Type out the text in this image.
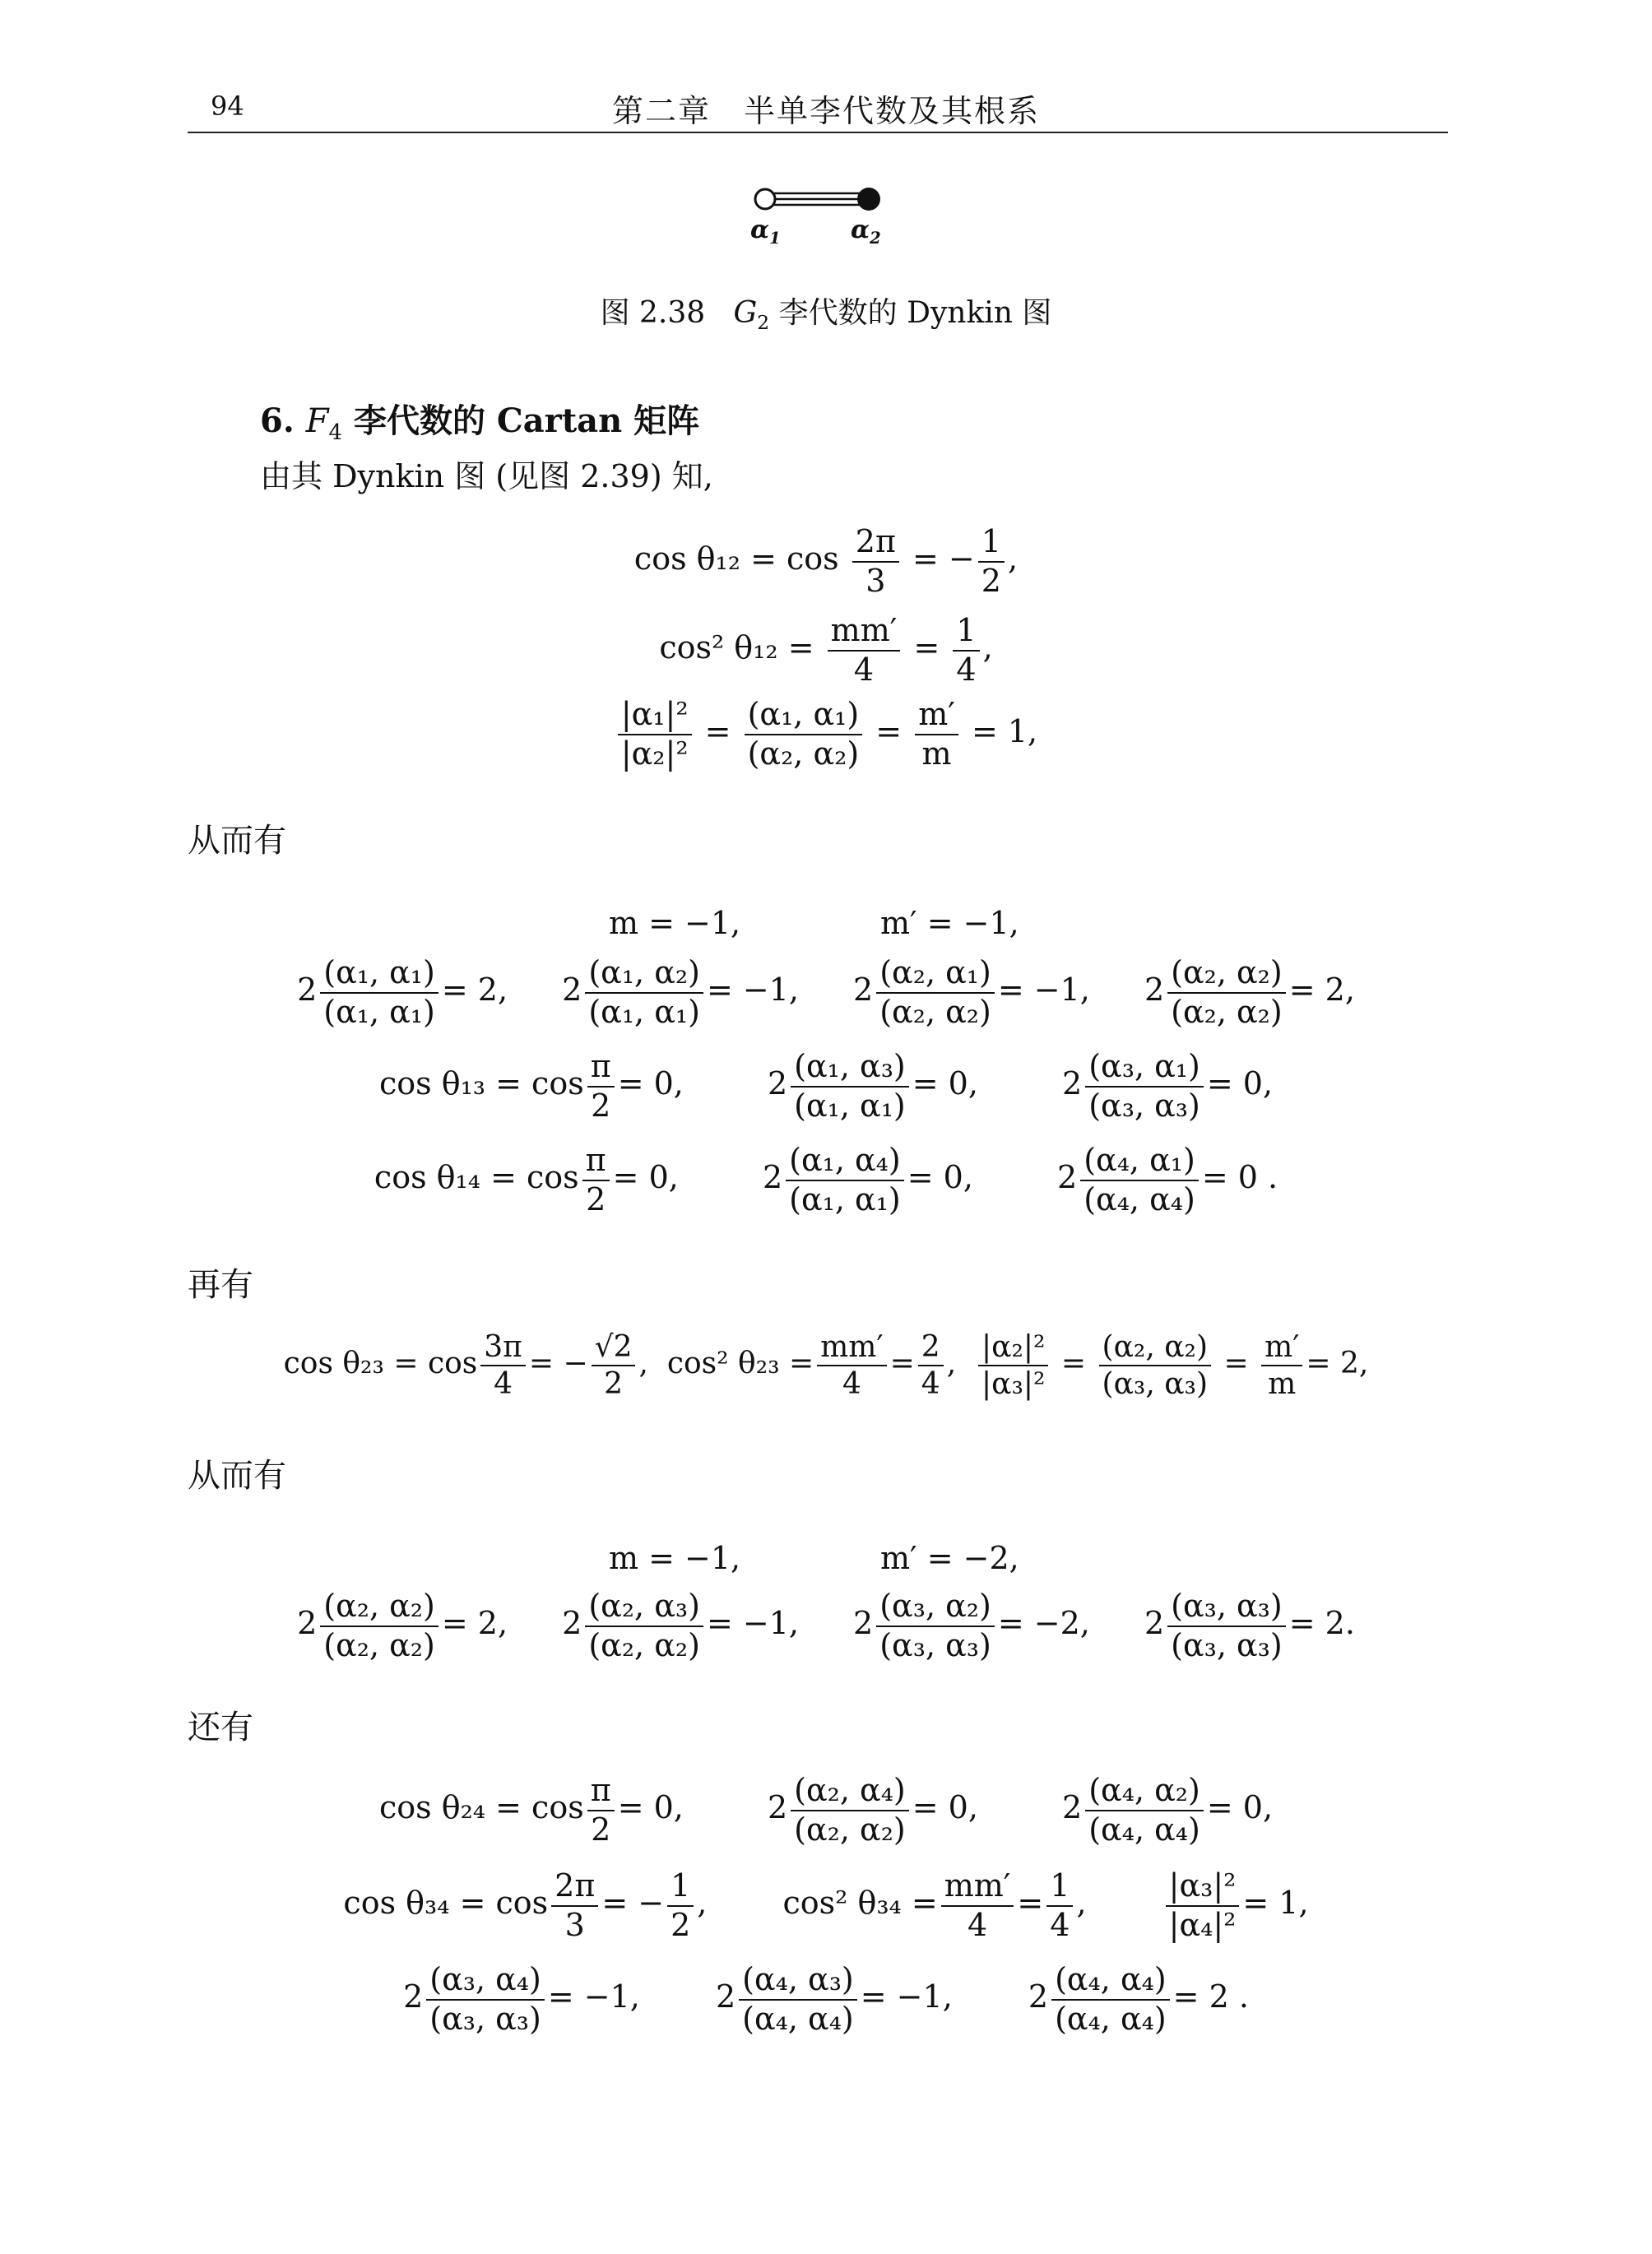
94	第二章　半单李代数及其根系
$\alpha_1$	$\alpha_2$
图 2.38 $G_2$ 李代数的 Dynkin 图
6. $F_4$ 李代数的 Cartan 矩阵
由其 Dynkin 图 (见图 2.39) 知,
$\cos \theta_{12} = \cos \frac{2\pi}{3}$ = − $\frac{1}{2}$ ,
cos² $\theta_{12} = \frac{mm'}{4} = \frac{1}{4}$ ,
$\frac{\text{|α₁|²}}{\text{|α₂|²}} = \frac{\text{(α₁, α₁)}}{\text{(α₂, α₂)}} = \frac{m'}{m} = 1$,
从而有
m = −1,	m′ = −1,
$2 \frac{\text{(α₁, α₁)}}{\text{(α₁, α₁)}} = 2$, $2 \frac{\text{(α₁, α₂)}}{\text{(α₁, α₁)}} = -1$, $2 \frac{\text{(α₂, α₁)}}{\text{(α₂, α₂)}} = -1$, $2 \frac{\text{(α₂, α₂)}}{\text{(α₂, α₂)}} = 2$,
$\cos \theta_{13} = \cos \frac{\pi}{2} = 0$,	$2 \frac{\text{(α₁, α₃)}}{\text{(α₁, α₁)}} = 0$,	$2 \frac{\text{(α₃, α₁)}}{\text{(α₃, α₃)}} = 0$,
$\cos \theta_{14} = \cos \frac{\pi}{2} = 0$,	$2 \frac{\text{(α₁, α₄)}}{\text{(α₁, α₁)}} = 0$,	$2 \frac{\text{(α₄, α₁)}}{\text{(α₄, α₄)}} = 0$ .
再有
$\cos \theta_{23} = \cos \frac{3\pi}{4}$ = − $\frac{√2}{2}$ , cos² $\theta_{23} = \frac{mm'}{4} = \frac{2}{4}$ , $\frac{\text{|α₂|²}}{\text{|α₃|²}} = \frac{\text{(α₂, α₂)}}{\text{(α₃, α₃)}} = \frac{m'}{m} = 2$,
从而有
m = −1,	m′ = −2,
$2 \frac{\text{(α₂, α₂)}}{\text{(α₂, α₂)}} = 2$, $2 \frac{\text{(α₂, α₃)}}{\text{(α₂, α₂)}} = -1$, $2 \frac{\text{(α₃, α₂)}}{\text{(α₃, α₃)}} = -2$, $2 \frac{\text{(α₃, α₃)}}{\text{(α₃, α₃)}} = 2$.
还有
$\cos \theta_{24} = \cos \frac{\pi}{2} = 0$,	$2 \frac{\text{(α₂, α₄)}}{\text{(α₂, α₂)}} = 0$,	$2 \frac{\text{(α₄, α₂)}}{\text{(α₄, α₄)}} = 0$,
$\cos \theta_{34} = \cos \frac{2\pi}{3}$ = − $\frac{1}{2}$ , cos² $\theta_{34} = \frac{mm'}{4} = \frac{1}{4}$ ,	$\frac{\text{|α₃|²}}{\text{|α₄|²}} = 1$,
$2 \frac{\text{(α₃, α₄)}}{\text{(α₃, α₃)}} = -1$, $2 \frac{\text{(α₄, α₃)}}{\text{(α₄, α₄)}} = -1$, $2 \frac{\text{(α₄, α₄)}}{\text{(α₄, α₄)}} = 2$ .
